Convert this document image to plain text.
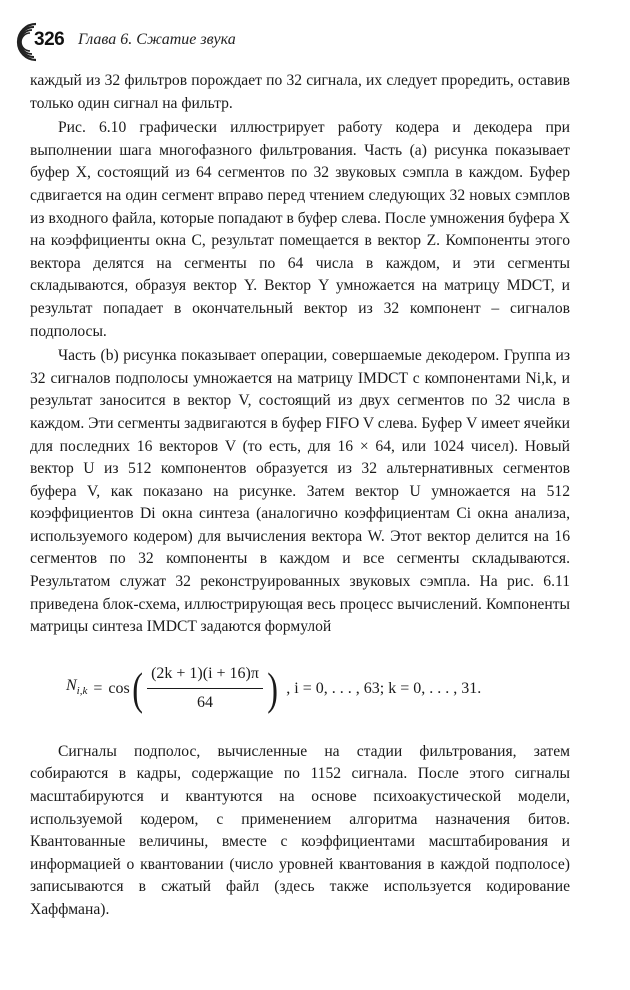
326 Глава 6. Сжатие звука

каждый из 32 фильтров порождает по 32 сигнала, их следует проредить, оставив только один сигнал на фильтр.

Рис. 6.10 графически иллюстрирует работу кодера и декодера при выполнении шага многофазного фильтрования. Часть (a) рисунка показывает буфер X, состоящий из 64 сегментов по 32 звуковых сэмпла в каждом. Буфер сдвигается на один сегмент вправо перед чтением следующих 32 новых сэмплов из входного файла, которые попадают в буфер слева. После умножения буфера X на коэффициенты окна C, результат помещается в вектор Z. Компоненты этого вектора делятся на сегменты по 64 числа в каждом, и эти сегменты складываются, образуя вектор Y. Вектор Y умножается на матрицу MDCT, и результат попадает в окончательный вектор из 32 компонент – сигналов подполосы.

Часть (b) рисунка показывает операции, совершаемые декодером. Группа из 32 сигналов подполосы умножается на матрицу IMDCT с компонентами Ni,k, и результат заносится в вектор V, состоящий из двух сегментов по 32 числа в каждом. Эти сегменты задвигаются в буфер FIFO V слева. Буфер V имеет ячейки для последних 16 векторов V (то есть, для 16 × 64, или 1024 чисел). Новый вектор U из 512 компонентов образуется из 32 альтернативных сегментов буфера V, как показано на рисунке. Затем вектор U умножается на 512 коэффициентов Di окна синтеза (аналогично коэффициентам Ci окна анализа, используемого кодером) для вычисления вектора W. Этот вектор делится на 16 сегментов по 32 компоненты в каждом и все сегменты складываются. Результатом служат 32 реконструированных звуковых сэмпла. На рис. 6.11 приведена блок-схема, иллюстрирующая весь процесс вычислений. Компоненты матрицы синтеза IMDCT задаются формулой

$N_{i,k} = \cos$ ( $\frac{(2k + 1)(i + 16)\pi}{64}$ ) , i = 0, . . . , 63; k = 0, . . . , 31.

Сигналы подполос, вычисленные на стадии фильтрования, затем собираются в кадры, содержащие по 1152 сигнала. После этого сигналы масштабируются и квантуются на основе психоакустической модели, используемой кодером, с применением алгоритма назначения битов. Квантованные величины, вместе с коэффициентами масштабирования и информацией о квантовании (число уровней квантования в каждой подполосе) записываются в сжатый файл (здесь также используется кодирование Хаффмана).
